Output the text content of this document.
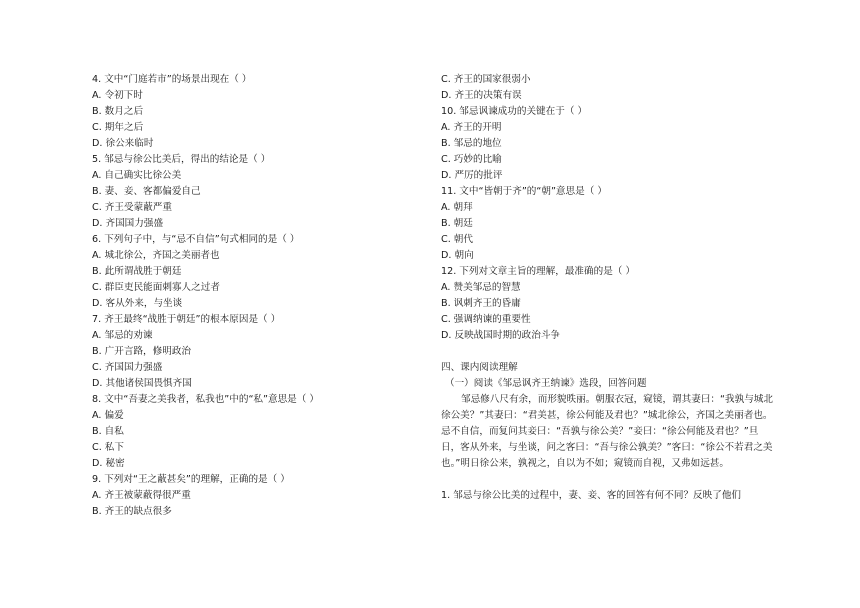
4. 文中“门庭若市”的场景出现在（ ）
A. 令初下时
B. 数月之后
C. 期年之后
D. 徐公来临时
5. 邹忌与徐公比美后，得出的结论是（ ）
A. 自己确实比徐公美
B. 妻、妾、客都偏爱自己
C. 齐王受蒙蔽严重
D. 齐国国力强盛
6. 下列句子中，与“忌不自信”句式相同的是（ ）
A. 城北徐公，齐国之美丽者也
B. 此所谓战胜于朝廷
C. 群臣吏民能面刺寡人之过者
D. 客从外来，与坐谈
7. 齐王最终“战胜于朝廷”的根本原因是（ ）
A. 邹忌的劝谏
B. 广开言路，修明政治
C. 齐国国力强盛
D. 其他诸侯国畏惧齐国
8. 文中“吾妻之美我者，私我也”中的“私”意思是（ ）
A. 偏爱
B. 自私
C. 私下
D. 秘密
9. 下列对“王之蔽甚矣”的理解，正确的是（ ）
A. 齐王被蒙蔽得很严重
B. 齐王的缺点很多
C. 齐王的国家很弱小
D. 齐王的决策有误
10. 邹忌讽谏成功的关键在于（ ）
A. 齐王的开明
B. 邹忌的地位
C. 巧妙的比喻
D. 严厉的批评
11. 文中“皆朝于齐”的“朝”意思是（ ）
A. 朝拜
B. 朝廷
C. 朝代
D. 朝向
12. 下列对文章主旨的理解，最准确的是（ ）
A. 赞美邹忌的智慧
B. 讽刺齐王的昏庸
C. 强调纳谏的重要性
D. 反映战国时期的政治斗争
四、课内阅读理解
（一）阅读《邹忌讽齐王纳谏》选段，回答问题
邹忌修八尺有余，而形貌昳丽。朝服衣冠，窥镜，谓其妻曰：“我孰与城北徐公美？”其妻曰：“君美甚，徐公何能及君也？”城北徐公，齐国之美丽者也。忌不自信，而复问其妾曰：“吾孰与徐公美？”妾曰：“徐公何能及君也？”旦日，客从外来，与坐谈，问之客曰：“吾与徐公孰美？”客曰：“徐公不若君之美也。”明日徐公来，孰视之，自以为不如；窥镜而自视，又弗如远甚。
1. 邹忌与徐公比美的过程中，妻、妾、客的回答有何不同？反映了他们
